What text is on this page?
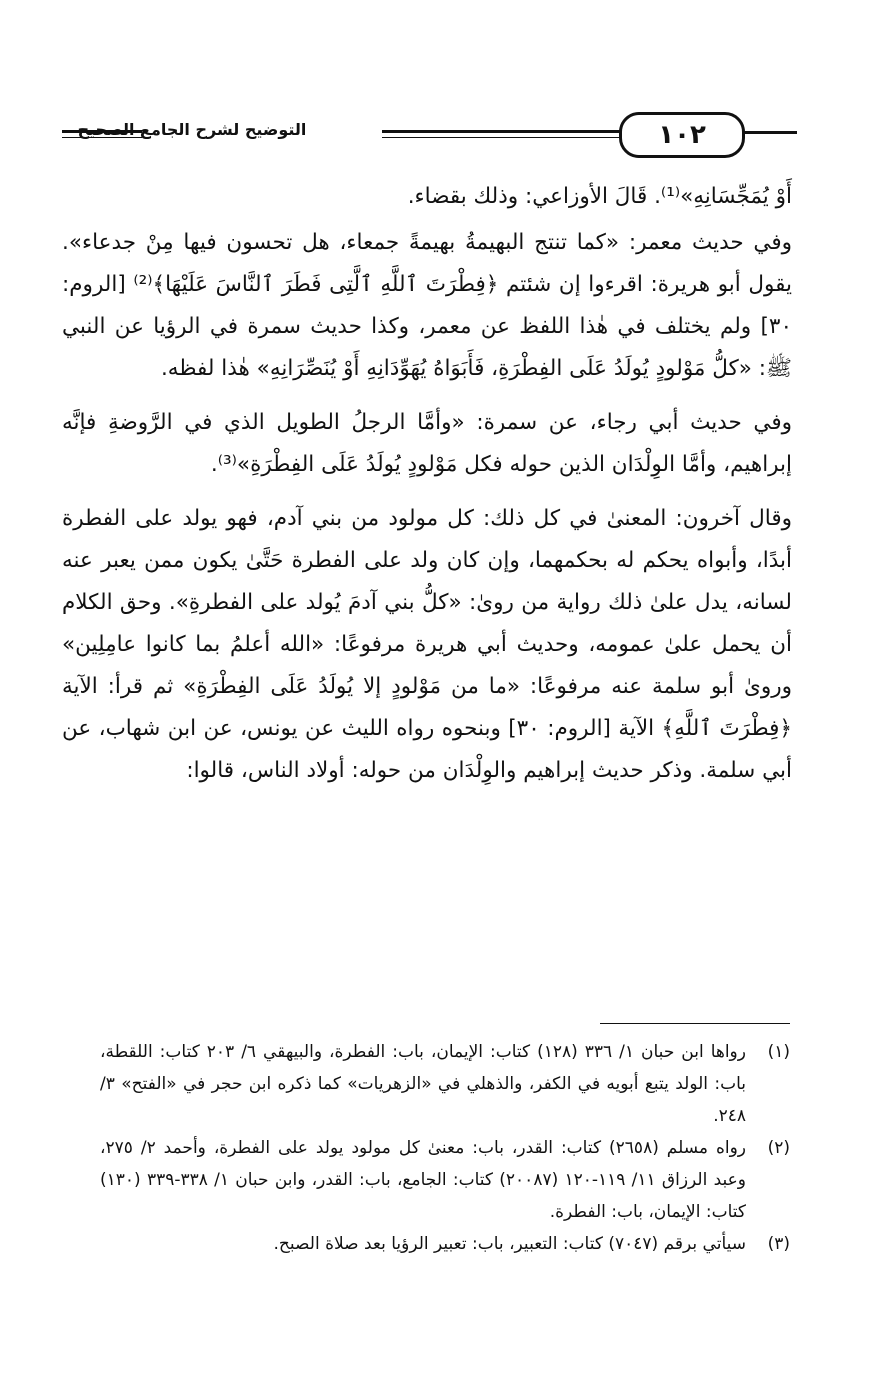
التوضيح لشرح الجامع الصحيح	١٠٢

أَوْ يُمَجِّسَانِهِ»⁽¹⁾. قَالَ الأوزاعي: وذلك بقضاء.

وفي حديث معمر: «كما تنتج البهيمةُ بهيمةً جمعاء، هل تحسون فيها مِنْ جدعاء». يقول أبو هريرة: اقرءوا إن شئتم ﴿فِطْرَتَ ٱللَّهِ ٱلَّتِى فَطَرَ ٱلنَّاسَ عَلَيْهَا﴾⁽²⁾ [الروم: ٣٠] ولم يختلف في هٰذا اللفظ عن معمر، وكذا حديث سمرة في الرؤيا عن النبي ﷺ: «كلُّ مَوْلودٍ يُولَدُ عَلَى الفِطْرَةِ، فَأَبَوَاهُ يُهَوِّدَانِهِ أَوْ يُنَصِّرَانِهِ» هٰذا لفظه.

وفي حديث أبي رجاء، عن سمرة: «وأمَّا الرجلُ الطويل الذي في الرَّوضةِ فإنَّه إبراهيم، وأمَّا الوِلْدَان الذين حوله فكل مَوْلودٍ يُولَدُ عَلَى الفِطْرَةِ»⁽³⁾.

وقال آخرون: المعنىٰ في كل ذلك: كل مولود من بني آدم، فهو يولد على الفطرة أبدًا، وأبواه يحكم له بحكمهما، وإن كان ولد على الفطرة حَتَّىٰ يكون ممن يعبر عنه لسانه، يدل علىٰ ذلك رواية من روىٰ: «كلُّ بني آدمَ يُولد على الفطرةِ». وحق الكلام أن يحمل علىٰ عمومه، وحديث أبي هريرة مرفوعًا: «الله أعلمُ بما كانوا عامِلِين» وروىٰ أبو سلمة عنه مرفوعًا: «ما من مَوْلودٍ إلا يُولَدُ عَلَى الفِطْرَةِ» ثم قرأ: الآية ﴿فِطْرَتَ ٱللَّهِ﴾ الآية [الروم: ٣٠] وبنحوه رواه الليث عن يونس، عن ابن شهاب، عن أبي سلمة. وذكر حديث إبراهيم والوِلْدَان من حوله: أولاد الناس، قالوا:

(١)
رواها ابن حبان ١/ ٣٣٦ (١٢٨) كتاب: الإيمان، باب: الفطرة، والبيهقي ٦/ ٢٠٣ كتاب: اللقطة، باب: الولد يتبع أبويه في الكفر، والذهلي في «الزهريات» كما ذكره ابن حجر في «الفتح» ٣/ ٢٤٨.
(٢)
رواه مسلم (٢٦٥٨) كتاب: القدر، باب: معنىٰ كل مولود يولد على الفطرة، وأحمد ٢/ ٢٧٥، وعبد الرزاق ١١/ ١١٩-١٢٠ (٢٠٠٨٧) كتاب: الجامع، باب: القدر، وابن حبان ١/ ٣٣٨-٣٣٩ (١٣٠) كتاب: الإيمان، باب: الفطرة.
(٣)
سيأتي برقم (٧٠٤٧) كتاب: التعبير، باب: تعبير الرؤيا بعد صلاة الصبح.
